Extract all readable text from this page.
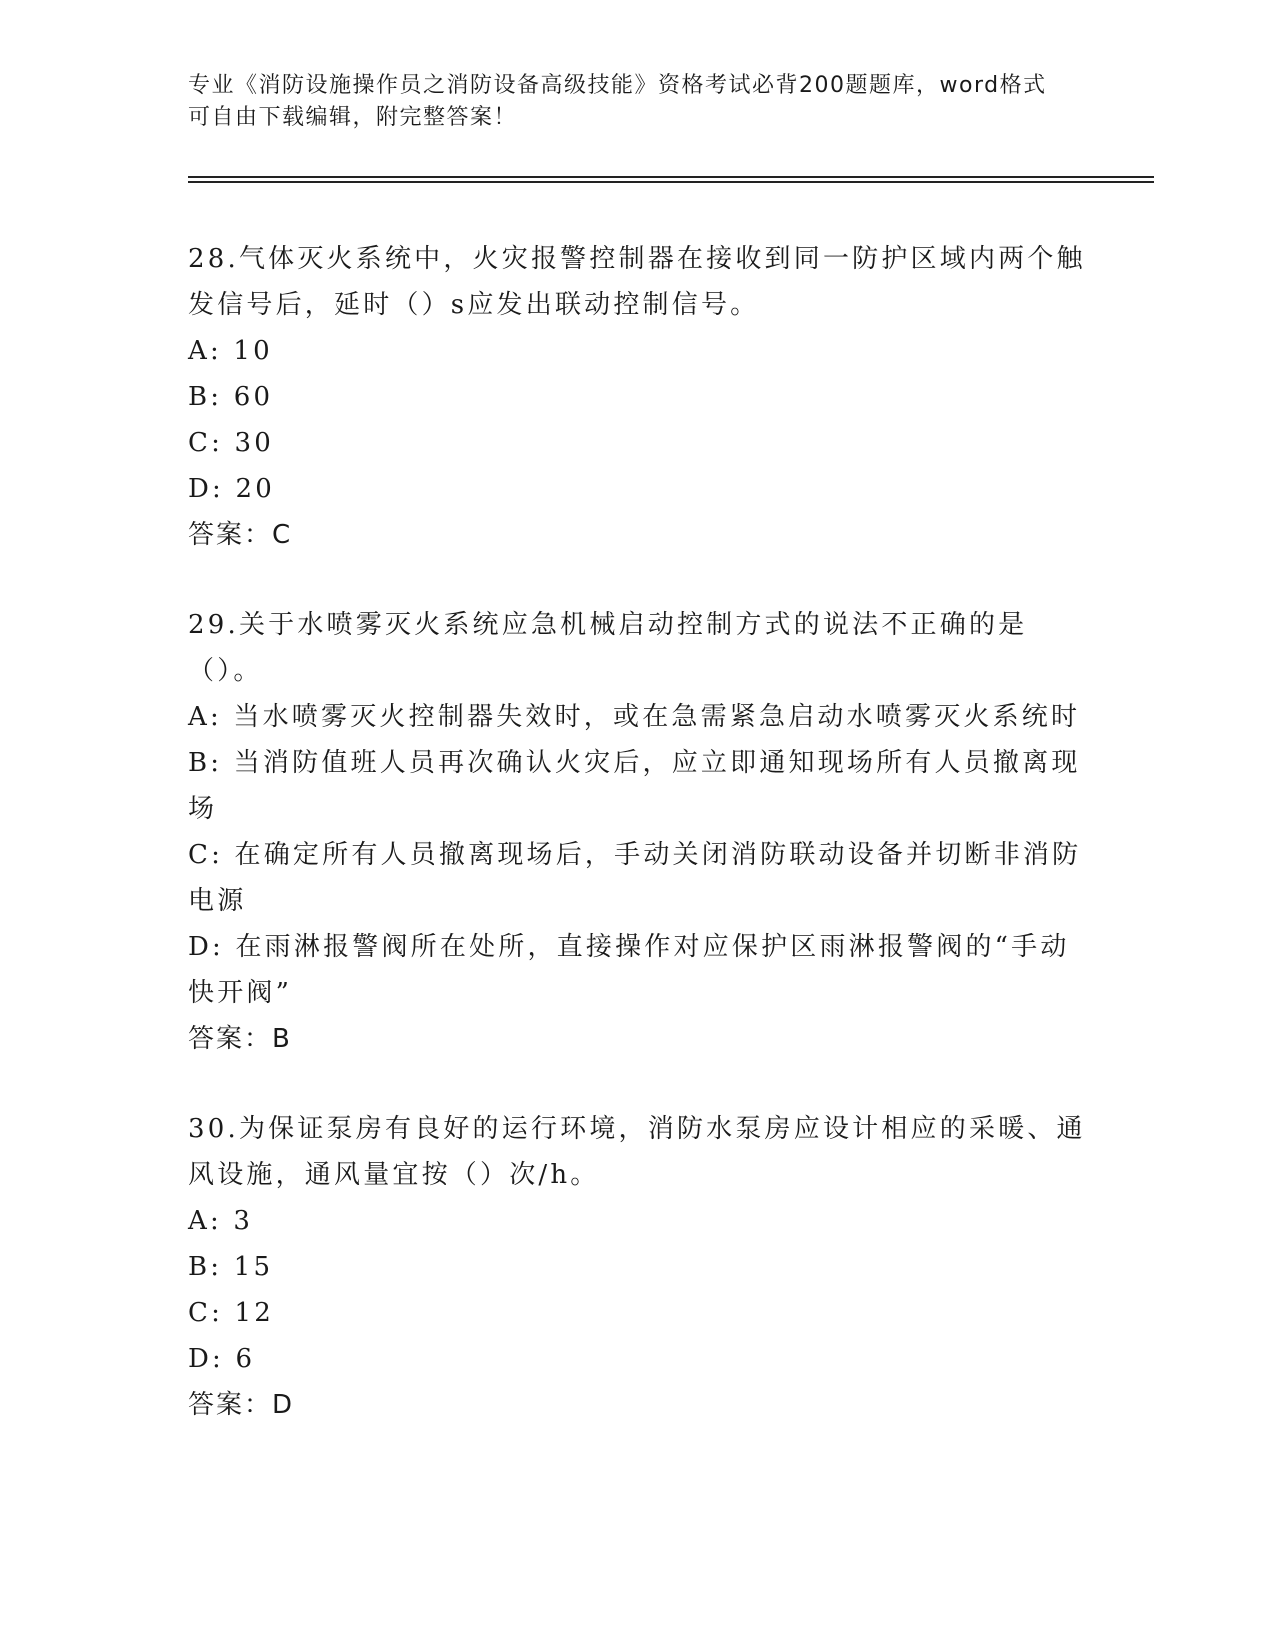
专业《消防设施操作员之消防设备高级技能》资格考试必背200题题库，word格式可自由下载编辑，附完整答案！

28.气体灭火系统中，火灾报警控制器在接收到同一防护区域内两个触发信号后，延时（）s应发出联动控制信号。

A: 10

B: 60

C: 30

D: 20

答案：C

29.关于水喷雾灭火系统应急机械启动控制方式的说法不正确的是（）。

A: 当水喷雾灭火控制器失效时，或在急需紧急启动水喷雾灭火系统时

B: 当消防值班人员再次确认火灾后，应立即通知现场所有人员撤离现场

C: 在确定所有人员撤离现场后，手动关闭消防联动设备并切断非消防电源

D: 在雨淋报警阀所在处所，直接操作对应保护区雨淋报警阀的“手动快开阀”

答案：B

30.为保证泵房有良好的运行环境，消防水泵房应设计相应的采暖、通风设施，通风量宜按（）次/h。

A: 3

B: 15

C: 12

D: 6

答案：D
